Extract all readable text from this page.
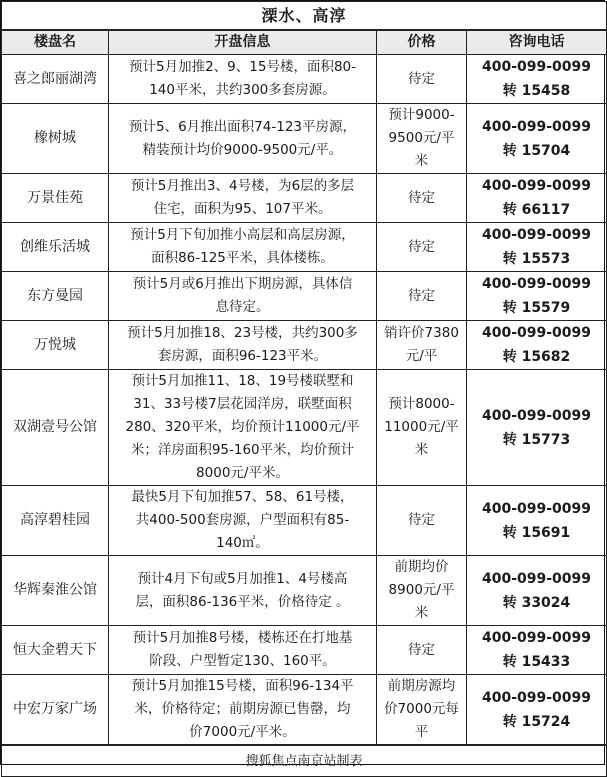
溧水、高淳			
楼盘名	开盘信息	价格	咨询电话
喜之郎丽湖湾	预计5月加推2、9、15号楼，面积80-
140平米，共约300多套房源。	待定	400-099-0099
转 15458

橡树城	预计5、6月推出面积74-123平房源，
精装预计均价9000-9500元/平。	预计9000-
9500元/平
米	400-099-0099
转 15704

万景佳苑	预计5月推出3、4号楼，为6层的多层
住宅，面积为95、107平米。	待定	400-099-0099
转 66117

创维乐活城	预计5月下旬加推小高层和高层房源，
面积86-125平米，具体楼栋。	待定	400-099-0099
转 15573

东方曼园	预计5月或6月推出下期房源，具体信
息待定。	待定	400-099-0099
转 15579

万悦城	预计5月加推18、23号楼，共约300多
套房源，面积96-123平米。	销许价7380
元/平	400-099-0099
转 15682

双湖壹号公馆	预计5月加推11、18、19号楼联墅和
31、33号楼7层花园洋房，联墅面积
280、320平米，均价预计11000元/平
米；洋房面积95-160平米，均价预计
8000元/平米。	预计8000-
11000元/平
米	400-099-0099
转 15773

高淳碧桂园	最快5月下旬加推57、58、61号楼，
共400-500套房源，户型面积有85-
140㎡。	待定	400-099-0099
转 15691

华辉秦淮公馆	预计4月下旬或5月加推1、4号楼高
层，面积86-136平米，价格待定 。	前期均价
8900元/平
米	400-099-0099
转 33024

恒大金碧天下	预计5月加推8号楼，楼栋还在打地基
阶段、户型暂定130、160平。	待定	400-099-0099
转 15433

中宏万家广场	预计5月加推15号楼，面积96-134平
米，价格待定；前期房源已售罄，均
价7000元/平米。	前期房源均
价7000元每
平	400-099-0099
转 15724

搜狐焦点南京站制表			
